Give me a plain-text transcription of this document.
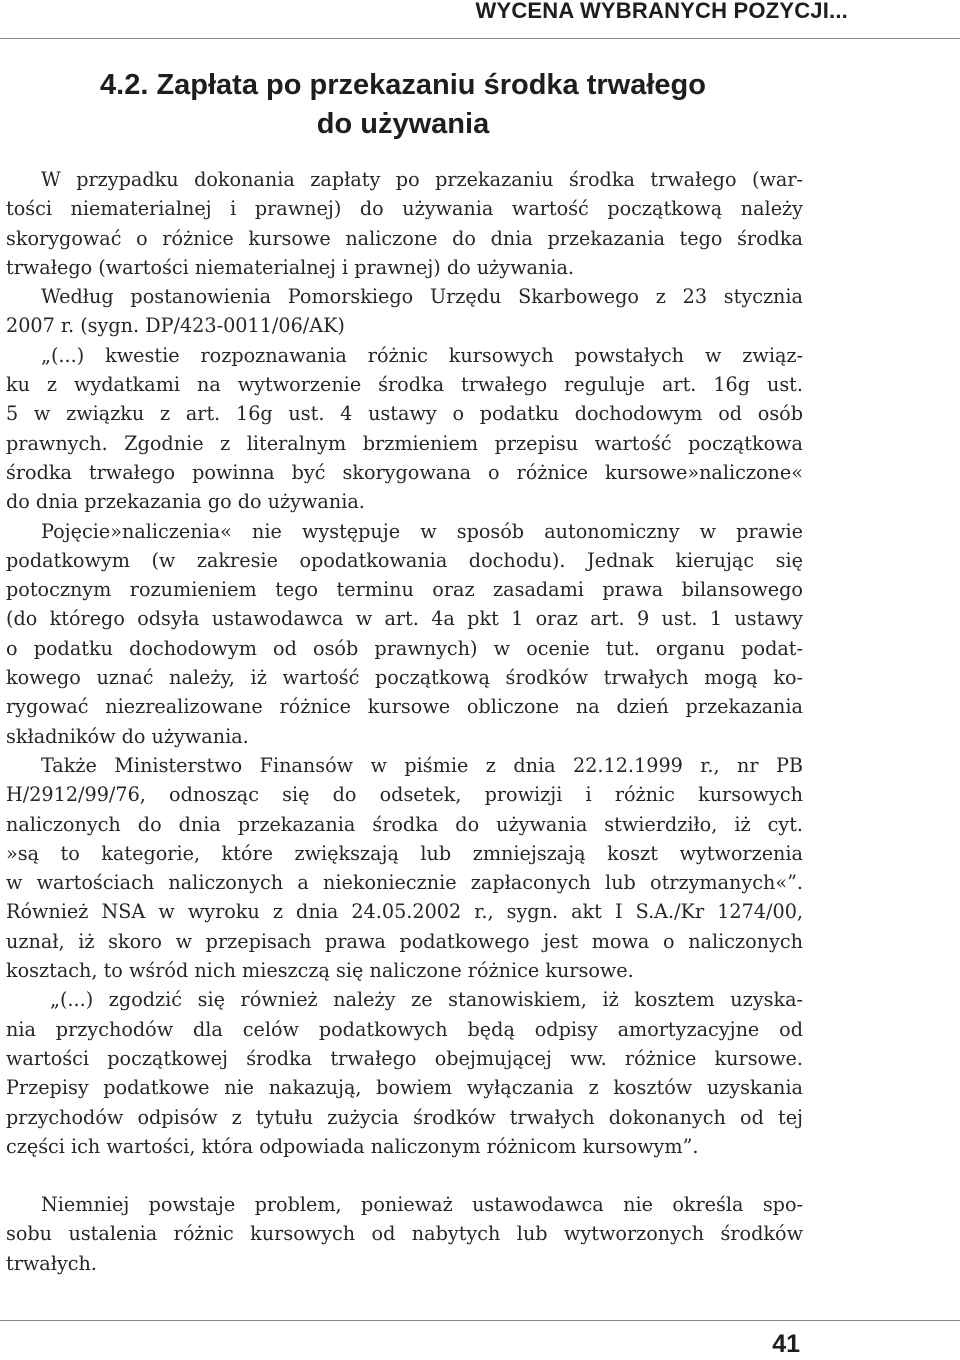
WYCENA WYBRANYCH POZYCJI...
4.2. Zapłata po przekazaniu środka trwałego
do używania
W przypadku dokonania zapłaty po przekazaniu środka trwałego (war-
tości niematerialnej i prawnej) do używania wartość początkową należy
skorygować o różnice kursowe naliczone do dnia przekazania tego środka
trwałego (wartości niematerialnej i prawnej) do używania.
Według postanowienia Pomorskiego Urzędu Skarbowego z 23 stycznia
2007 r. (sygn. DP/423-0011/06/AK)
„(...) kwestie rozpoznawania różnic kursowych powstałych w związ-
ku z wydatkami na wytworzenie środka trwałego reguluje art. 16g ust.
5 w związku z art. 16g ust. 4 ustawy o podatku dochodowym od osób
prawnych. Zgodnie z literalnym brzmieniem przepisu wartość początkowa
środka trwałego powinna być skorygowana o różnice kursowe»naliczone«
do dnia przekazania go do używania.
Pojęcie»naliczenia« nie występuje w sposób autonomiczny w prawie
podatkowym (w zakresie opodatkowania dochodu). Jednak kierując się
potocznym rozumieniem tego terminu oraz zasadami prawa bilansowego
(do którego odsyła ustawodawca w art. 4a pkt 1 oraz art. 9 ust. 1 ustawy
o podatku dochodowym od osób prawnych) w ocenie tut. organu podat-
kowego uznać należy, iż wartość początkową środków trwałych mogą ko-
rygować niezrealizowane różnice kursowe obliczone na dzień przekazania
składników do używania.
Także Ministerstwo Finansów w piśmie z dnia 22.12.1999 r., nr PB
H/2912/99/76, odnosząc się do odsetek, prowizji i różnic kursowych
naliczonych do dnia przekazania środka do używania stwierdziło, iż cyt.
»są to kategorie, które zwiększają lub zmniejszają koszt wytworzenia
w wartościach naliczonych a niekoniecznie zapłaconych lub otrzymanych«”.
Również NSA w wyroku z dnia 24.05.2002 r., sygn. akt I S.A./Kr 1274/00,
uznał, iż skoro w przepisach prawa podatkowego jest mowa o naliczonych
kosztach, to wśród nich mieszczą się naliczone różnice kursowe.
„(...) zgodzić się również należy ze stanowiskiem, iż kosztem uzyska-
nia przychodów dla celów podatkowych będą odpisy amortyzacyjne od
wartości początkowej środka trwałego obejmującej ww. różnice kursowe.
Przepisy podatkowe nie nakazują, bowiem wyłączania z kosztów uzyskania
przychodów odpisów z tytułu zużycia środków trwałych dokonanych od tej
części ich wartości, która odpowiada naliczonym różnicom kursowym”.
Niemniej powstaje problem, ponieważ ustawodawca nie określa spo-
sobu ustalenia różnic kursowych od nabytych lub wytworzonych środków
trwałych.
41
